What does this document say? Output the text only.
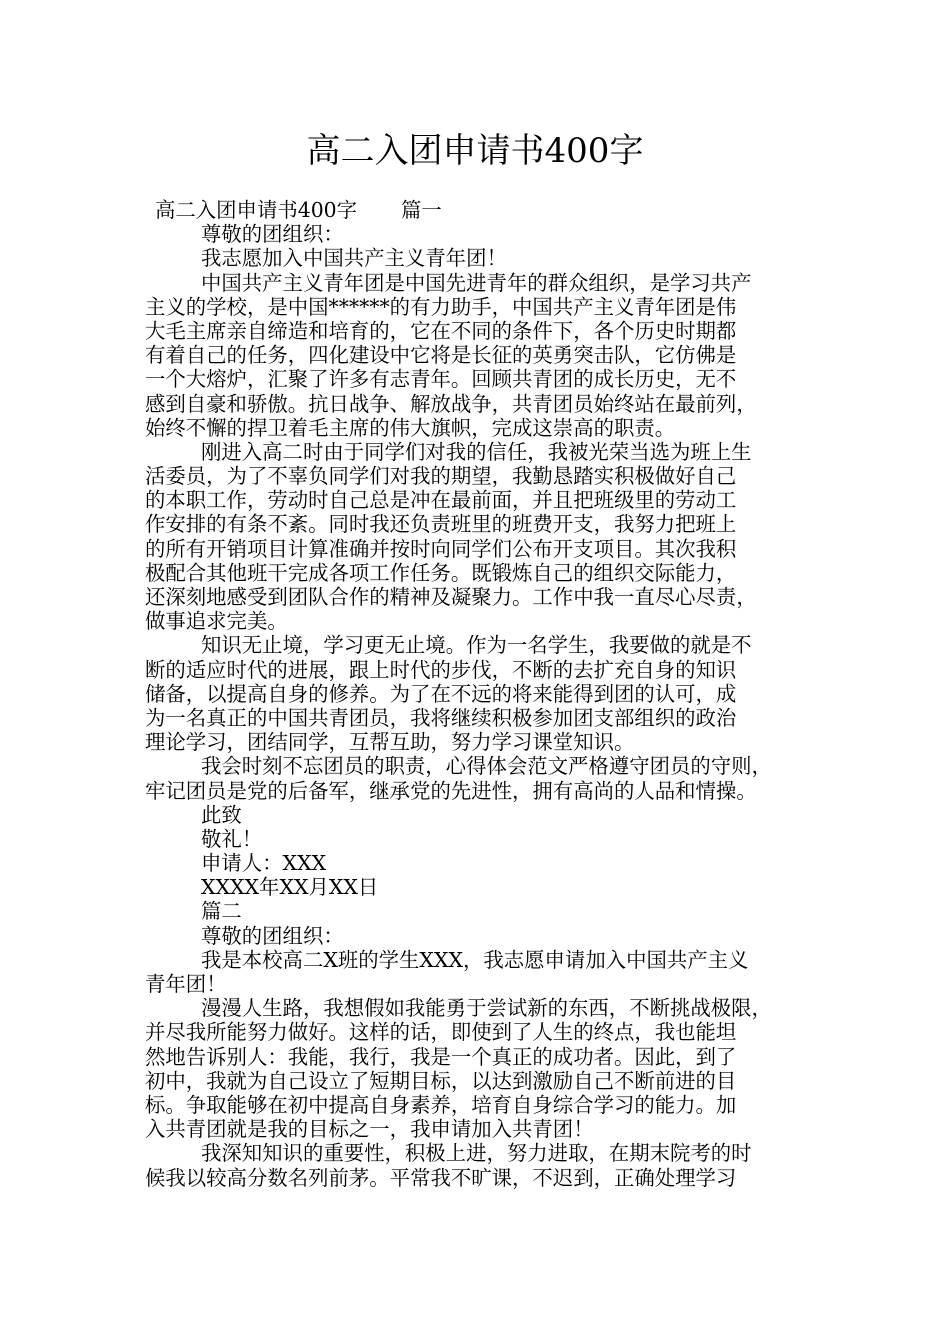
高二入团申请书400字
高二入团申请书400字 篇一
尊敬的团组织：
我志愿加入中国共产主义青年团！
中国共产主义青年团是中国先进青年的群众组织，是学习共产
主义的学校，是中国******的有力助手，中国共产主义青年团是伟
大毛主席亲自缔造和培育的，它在不同的条件下，各个历史时期都
有着自己的任务，四化建设中它将是长征的英勇突击队，它仿佛是
一个大熔炉，汇聚了许多有志青年。回顾共青团的成长历史，无不
感到自豪和骄傲。抗日战争、解放战争，共青团员始终站在最前列，
始终不懈的捍卫着毛主席的伟大旗帜，完成这崇高的职责。
刚进入高二时由于同学们对我的信任，我被光荣当选为班上生
活委员，为了不辜负同学们对我的期望，我勤恳踏实积极做好自己
的本职工作，劳动时自己总是冲在最前面，并且把班级里的劳动工
作安排的有条不紊。同时我还负责班里的班费开支，我努力把班上
的所有开销项目计算准确并按时向同学们公布开支项目。其次我积
极配合其他班干完成各项工作任务。既锻炼自己的组织交际能力，
还深刻地感受到团队合作的精神及凝聚力。工作中我一直尽心尽责，
做事追求完美。
知识无止境，学习更无止境。作为一名学生，我要做的就是不
断的适应时代的进展，跟上时代的步伐，不断的去扩充自身的知识
储备，以提高自身的修养。为了在不远的将来能得到团的认可，成
为一名真正的中国共青团员，我将继续积极参加团支部组织的政治
理论学习，团结同学，互帮互助，努力学习课堂知识。
我会时刻不忘团员的职责，心得体会范文严格遵守团员的守则，
牢记团员是党的后备军，继承党的先进性，拥有高尚的人品和情操。
此致
敬礼！
申请人：XXX
XXXX年XX月XX日
篇二
尊敬的团组织：
我是本校高二X班的学生XXX，我志愿申请加入中国共产主义
青年团！
漫漫人生路，我想假如我能勇于尝试新的东西，不断挑战极限，
并尽我所能努力做好。这样的话，即使到了人生的终点，我也能坦
然地告诉别人：我能，我行，我是一个真正的成功者。因此，到了
初中，我就为自己设立了短期目标，以达到激励自己不断前进的目
标。争取能够在初中提高自身素养，培育自身综合学习的能力。加
入共青团就是我的目标之一，我申请加入共青团！
我深知知识的重要性，积极上进，努力进取，在期末院考的时
候我以较高分数名列前茅。平常我不旷课，不迟到，正确处理学习
